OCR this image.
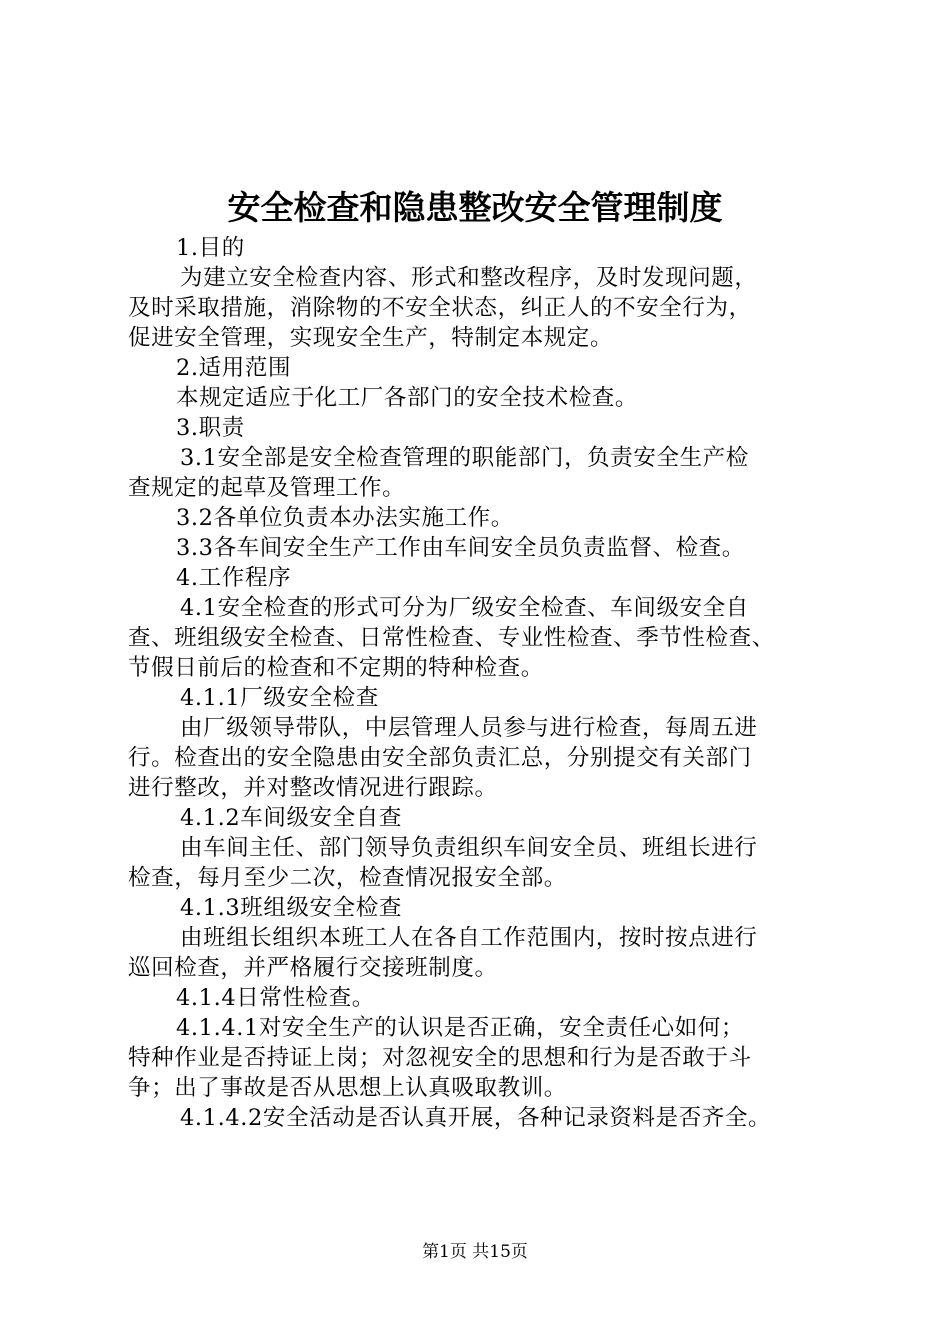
安全检查和隐患整改安全管理制度
1.目的
为建立安全检查内容、形式和整改程序，及时发现问题，
及时采取措施，消除物的不安全状态，纠正人的不安全行为，
促进安全管理，实现安全生产，特制定本规定。
2.适用范围
本规定适应于化工厂各部门的安全技术检查。
3.职责
3.1安全部是安全检查管理的职能部门，负责安全生产检
查规定的起草及管理工作。
3.2各单位负责本办法实施工作。
3.3各车间安全生产工作由车间安全员负责监督、检查。
4.工作程序
4.1安全检查的形式可分为厂级安全检查、车间级安全自
查、班组级安全检查、日常性检查、专业性检查、季节性检查、
节假日前后的检查和不定期的特种检查。
4.1.1厂级安全检查
由厂级领导带队，中层管理人员参与进行检查，每周五进
行。检查出的安全隐患由安全部负责汇总，分别提交有关部门
进行整改，并对整改情况进行跟踪。
4.1.2车间级安全自查
由车间主任、部门领导负责组织车间安全员、班组长进行
检查，每月至少二次，检查情况报安全部。
4.1.3班组级安全检查
由班组长组织本班工人在各自工作范围内，按时按点进行
巡回检查，并严格履行交接班制度。
4.1.4日常性检查。
4.1.4.1对安全生产的认识是否正确，安全责任心如何；
特种作业是否持证上岗；对忽视安全的思想和行为是否敢于斗
争；出了事故是否从思想上认真吸取教训。
4.1.4.2安全活动是否认真开展，各种记录资料是否齐全。
第1页 共15页
